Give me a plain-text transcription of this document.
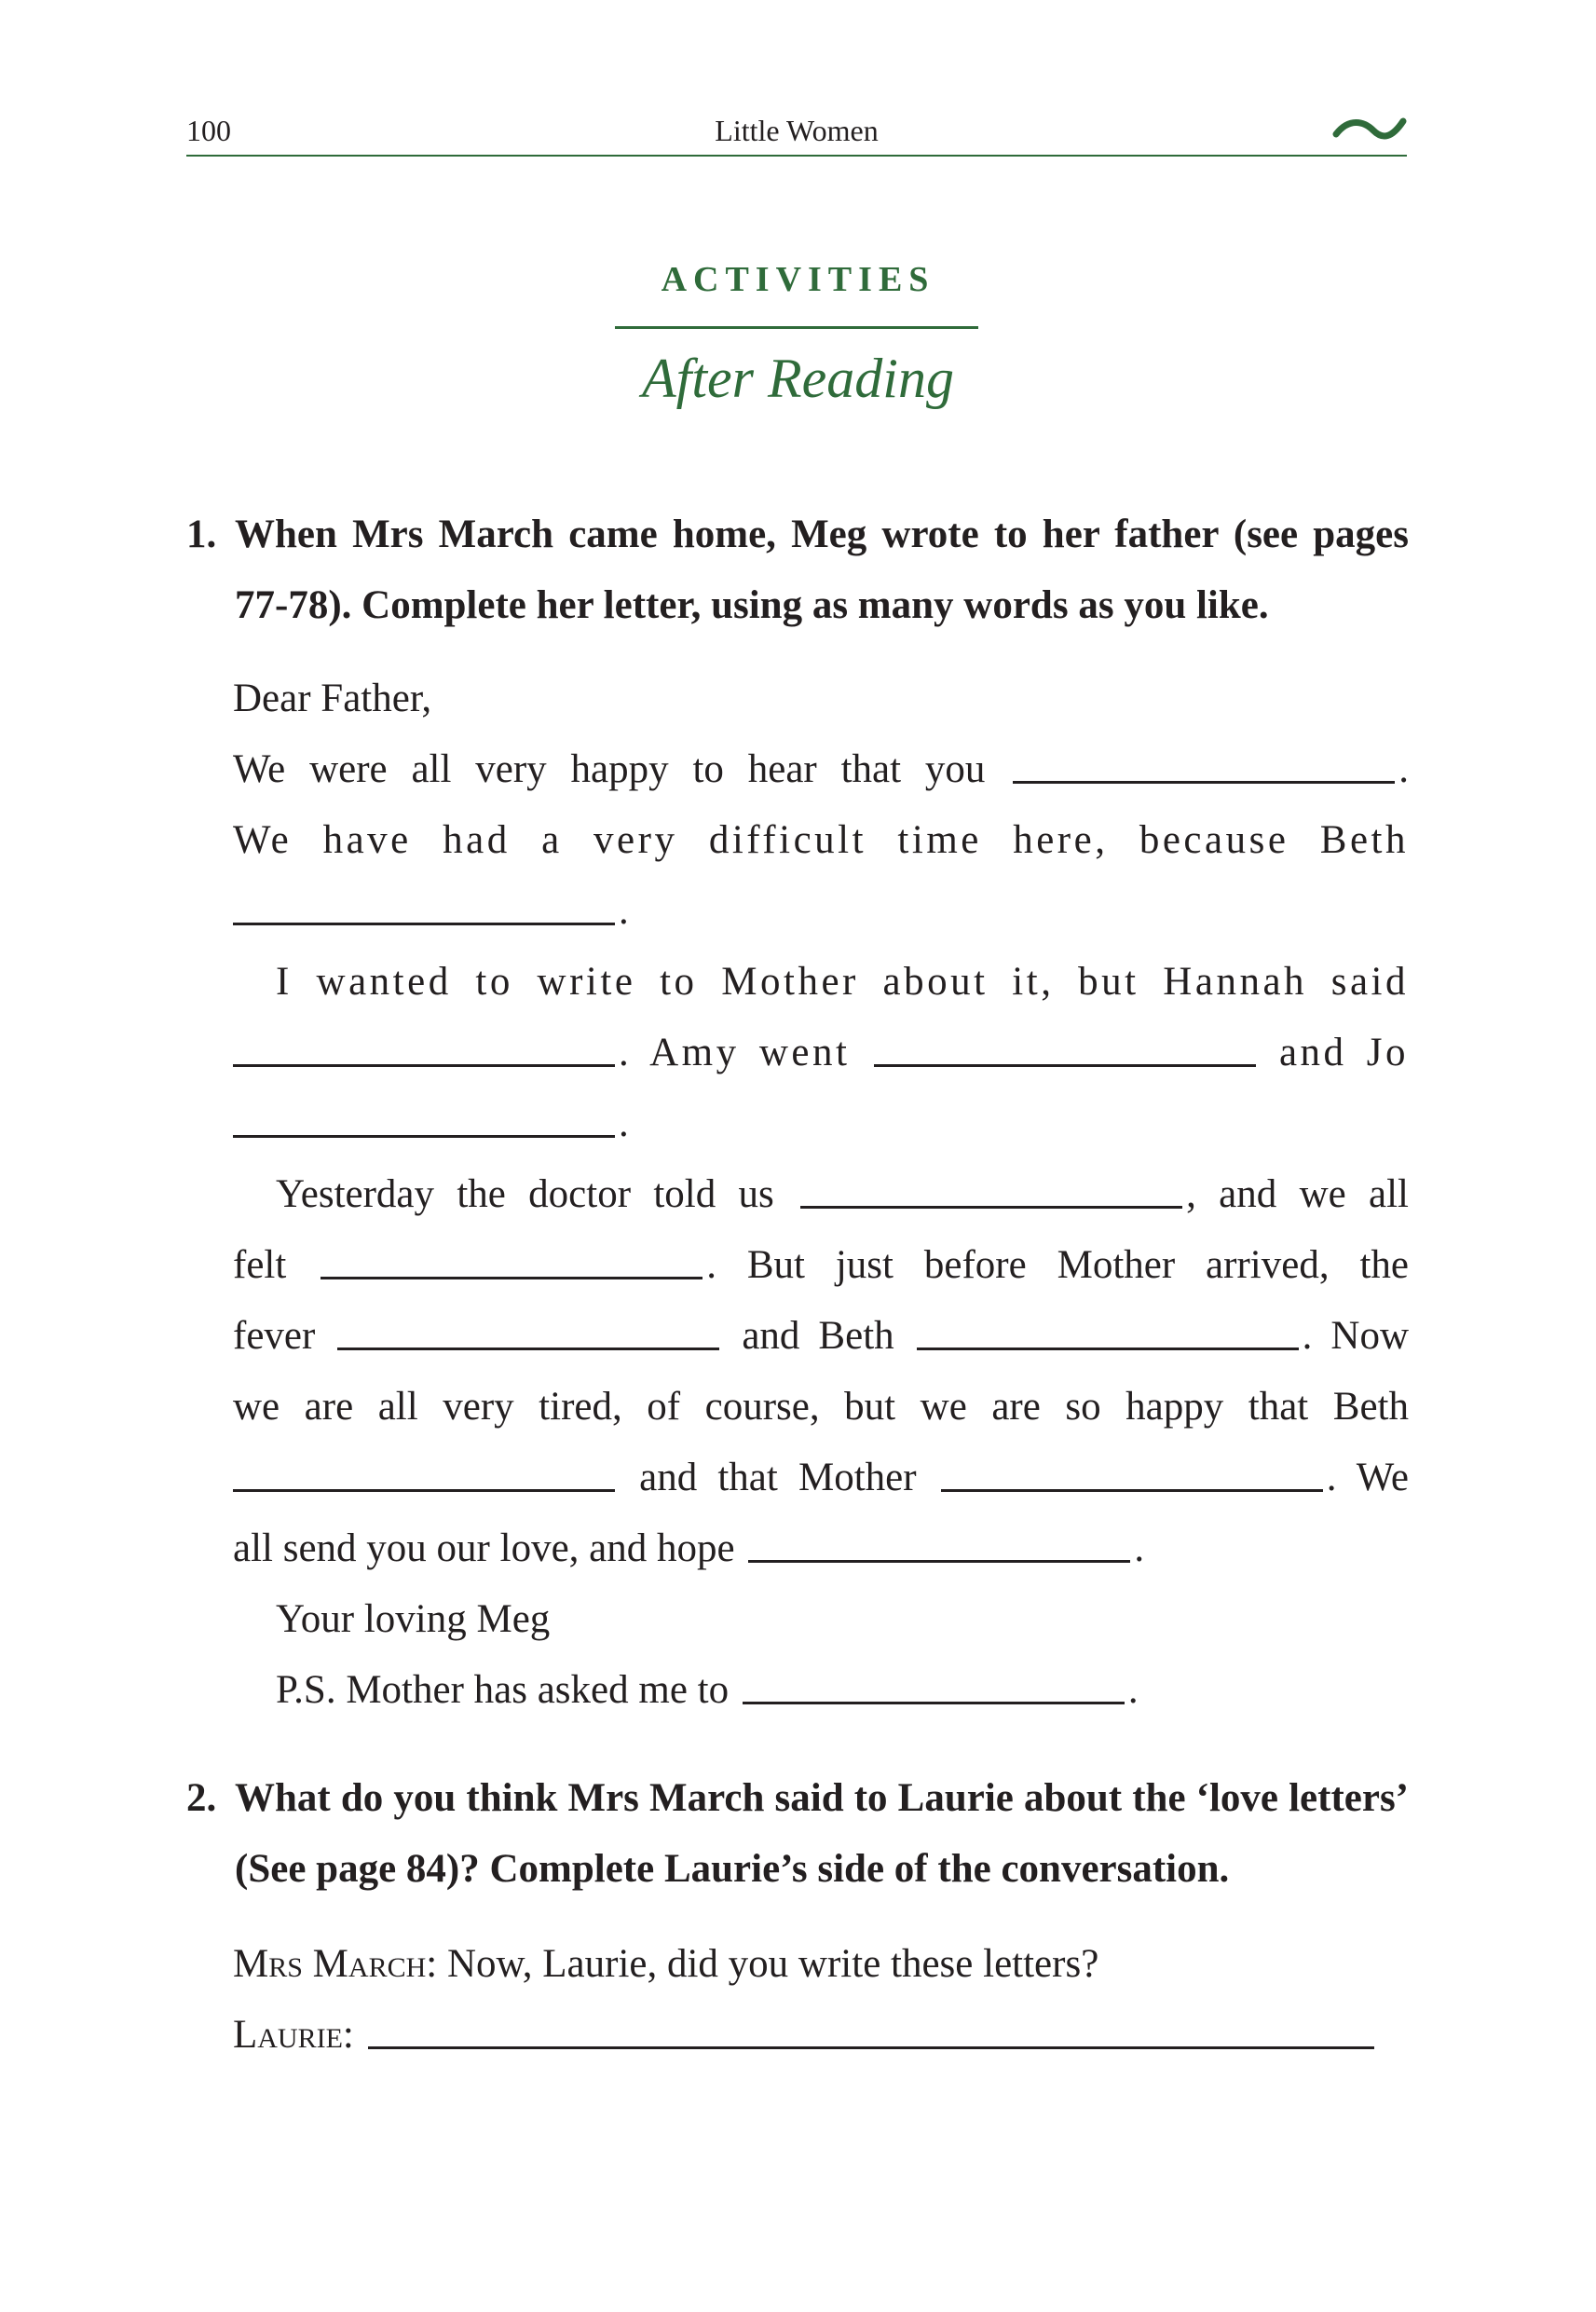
100	Little Women
ACTIVITIES
After Reading
1. When Mrs March came home, Meg wrote to her father (see pages 77-78). Complete her letter, using as many words as you like.
Dear Father,
We were all very happy to hear that you	.
We have had a very difficult time here, because Beth
.
I wanted to write to Mother about it, but Hannah said
. Amy went	and Jo
.
Yesterday the doctor told us	, and we all
felt	. But just before Mother arrived, the
fever	and Beth	. Now
we are all very tired, of course, but we are so happy that Beth
and that Mother	. We
all send you our love, and hope	.
Your loving Meg
P.S. Mother has asked me to	.
2. What do you think Mrs March said to Laurie about the ‘love letters’ (See page 84)? Complete Laurie’s side of the conversation.
Mrs March: Now, Laurie, did you write these letters?
Laurie:
